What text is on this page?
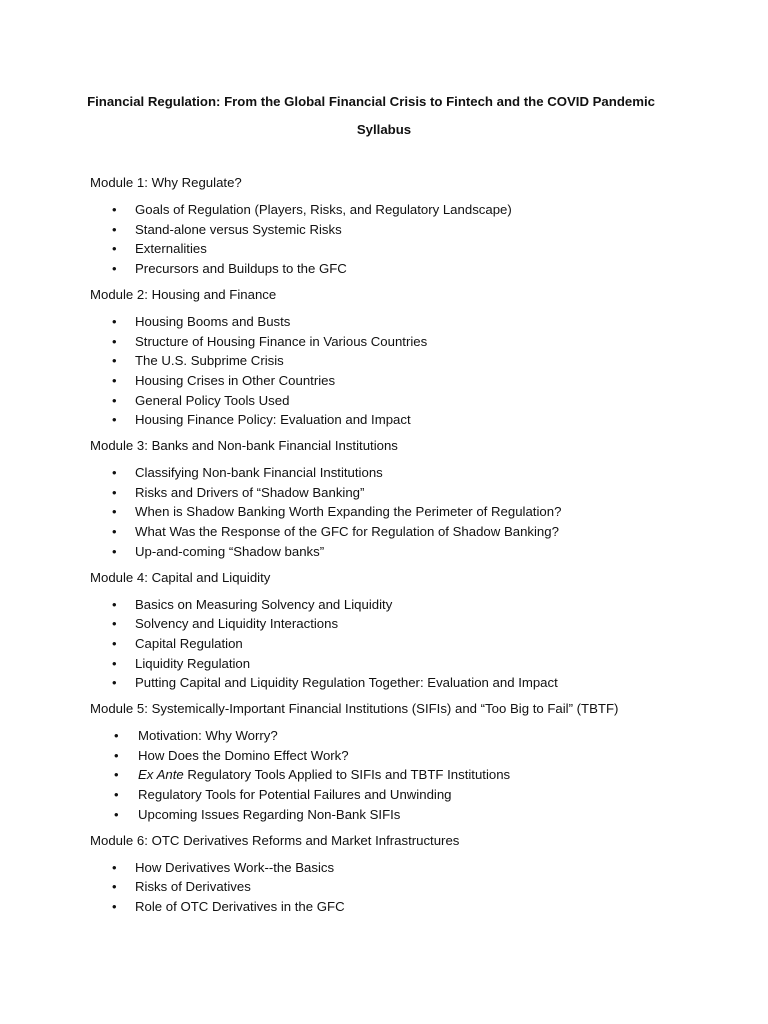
Financial Regulation: From the Global Financial Crisis to Fintech and the COVID Pandemic

Syllabus

Module 1: Why Regulate?

• Goals of Regulation (Players, Risks, and Regulatory Landscape)
• Stand-alone versus Systemic Risks
• Externalities
• Precursors and Buildups to the GFC

Module 2: Housing and Finance

• Housing Booms and Busts
• Structure of Housing Finance in Various Countries
• The U.S. Subprime Crisis
• Housing Crises in Other Countries
• General Policy Tools Used
• Housing Finance Policy: Evaluation and Impact

Module 3: Banks and Non-bank Financial Institutions

• Classifying Non-bank Financial Institutions
• Risks and Drivers of “Shadow Banking”
• When is Shadow Banking Worth Expanding the Perimeter of Regulation?
• What Was the Response of the GFC for Regulation of Shadow Banking?
• Up-and-coming “Shadow banks”

Module 4: Capital and Liquidity

• Basics on Measuring Solvency and Liquidity
• Solvency and Liquidity Interactions
• Capital Regulation
• Liquidity Regulation
• Putting Capital and Liquidity Regulation Together: Evaluation and Impact

Module 5: Systemically-Important Financial Institutions (SIFIs) and “Too Big to Fail” (TBTF)

• Motivation: Why Worry?
• How Does the Domino Effect Work?
• Ex Ante Regulatory Tools Applied to SIFIs and TBTF Institutions
• Regulatory Tools for Potential Failures and Unwinding
• Upcoming Issues Regarding Non-Bank SIFIs

Module 6: OTC Derivatives Reforms and Market Infrastructures

• How Derivatives Work--the Basics
• Risks of Derivatives
• Role of OTC Derivatives in the GFC
